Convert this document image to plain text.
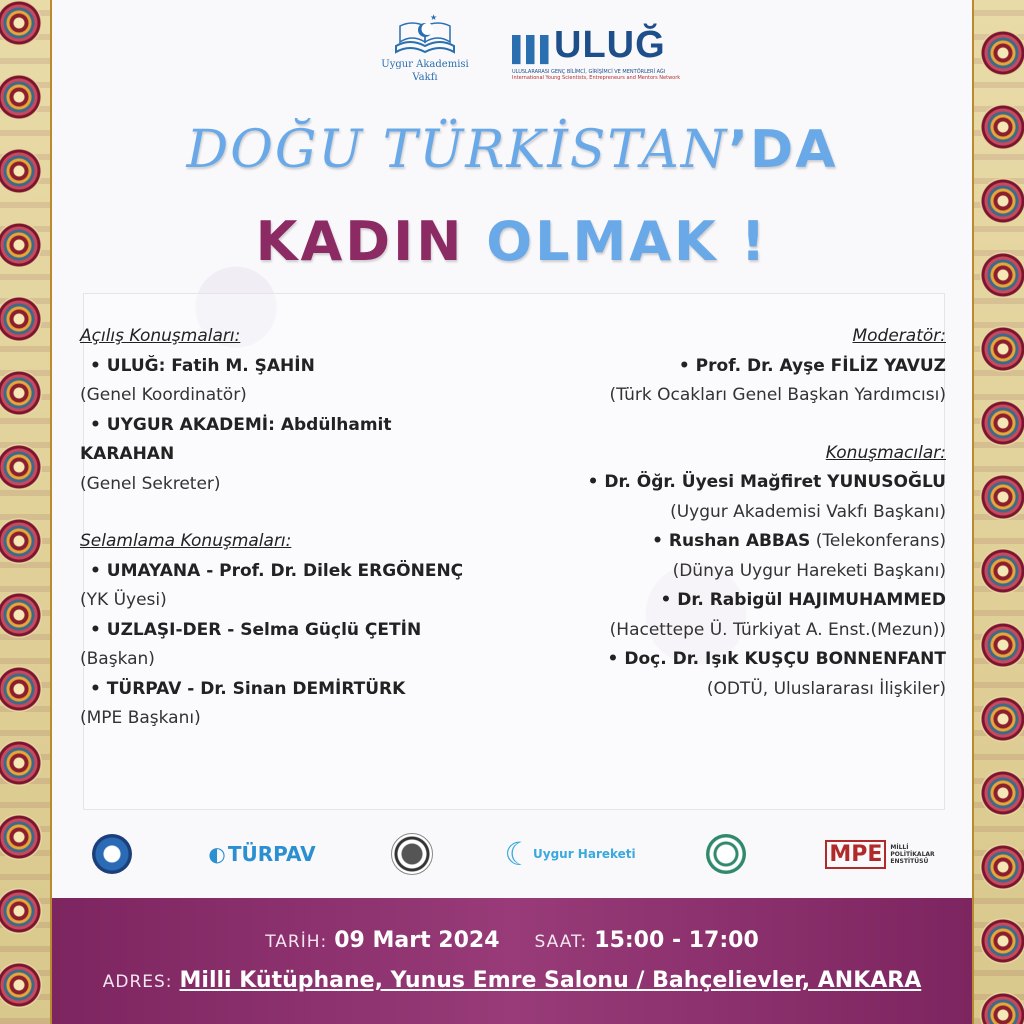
★
Uygur Akademisi
Vakfı
▌▌▌ULUĞ
ULUSLARARASI GENÇ BİLİMCİ, GİRİŞİMCİ VE MENTÖRLERİ AĞI
International Young Scientists, Entrepreneurs and Mentors Network
DOĞU TÜRKİSTAN’DA
KADIN OLMAK !
Açılış Konuşmaları:
• ULUĞ: Fatih M. ŞAHİN
(Genel Koordinatör)
• UYGUR AKADEMİ: Abdülhamit
KARAHAN
(Genel Sekreter)
Selamlama Konuşmaları:
• UMAYANA - Prof. Dr. Dilek ERGÖNENÇ
(YK Üyesi)
• UZLAŞI-DER - Selma Güçlü ÇETİN
(Başkan)
• TÜRPAV - Dr. Sinan DEMİRTÜRK
(MPE Başkanı)
Moderatör:
• Prof. Dr. Ayşe FİLİZ YAVUZ
(Türk Ocakları Genel Başkan Yardımcısı)
Konuşmacılar:
• Dr. Öğr. Üyesi Mağfiret YUNUSOĞLU
(Uygur Akademisi Vakfı Başkanı)
• Rushan ABBAS (Telekonferans)
(Dünya Uygur Hareketi Başkanı)
• Dr. Rabigül HAJIMUHAMMED
(Hacettepe Ü. Türkiyat A. Enst.(Mezun))
• Doç. Dr. Işık KUŞÇU BONNENFANT
(ODTÜ, Uluslararası İlişkiler)
◐ TÜRPAV	☾ Uygur Hareketi	MPE	MİLLİ
POLİTİKALAR
ENSTİTÜSÜ
TARİH: 09 Mart 2024 SAAT: 15:00 - 17:00
ADRES: Milli Kütüphane, Yunus Emre Salonu / Bahçelievler, ANKARA
